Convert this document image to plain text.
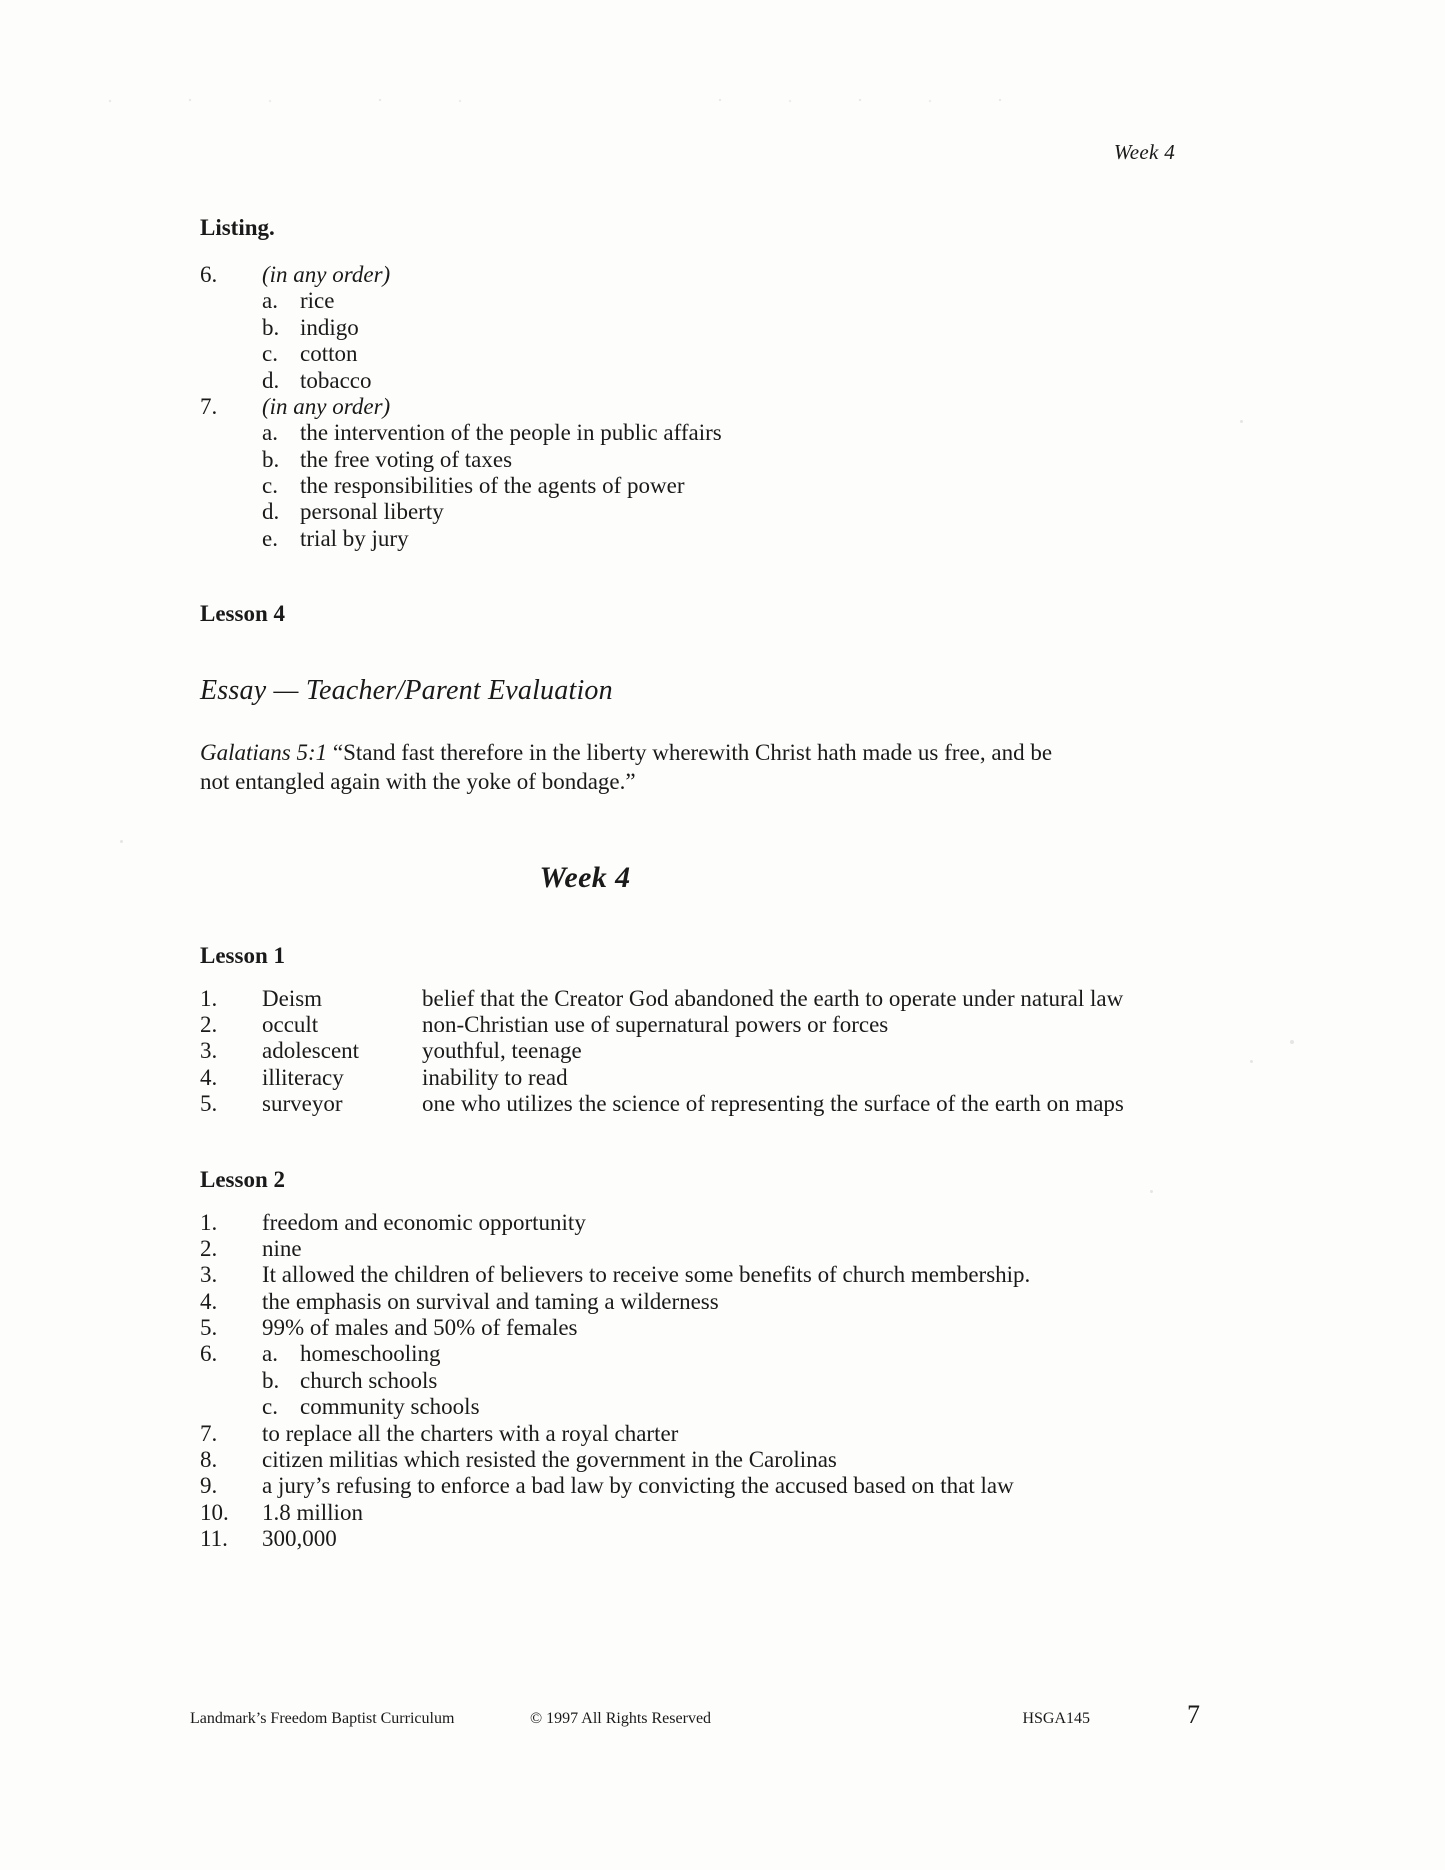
Week 4
Listing.
6.	(in any order)
a. rice
b. indigo
c. cotton
d. tobacco
7.	(in any order)
a. the intervention of the people in public affairs
b. the free voting of taxes
c. the responsibilities of the agents of power
d. personal liberty
e. trial by jury
Lesson 4
Essay — Teacher/Parent Evaluation

Galatians 5:1 “Stand fast therefore in the liberty wherewith Christ hath made us free, and be not entangled again with the yoke of bondage.”

Week 4
Lesson 1
1.	Deism	belief that the Creator God abandoned the earth to operate under natural law
2.	occult	non-Christian use of supernatural powers or forces
3.	adolescent	youthful, teenage
4.	illiteracy	inability to read
5.	surveyor	one who utilizes the science of representing the surface of the earth on maps
Lesson 2
1.	freedom and economic opportunity
2.	nine
3.	It allowed the children of believers to receive some benefits of church membership.
4.	the emphasis on survival and taming a wilderness
5.	99% of males and 50% of females
6.	a. homeschooling
b. church schools
c. community schools
7.	to replace all the charters with a royal charter
8.	citizen militias which resisted the government in the Carolinas
9.	a jury’s refusing to enforce a bad law by convicting the accused based on that law
10.	1.8 million
11.	300,000
Landmark’s Freedom Baptist Curriculum	© 1997 All Rights Reserved	HSGA145	7
